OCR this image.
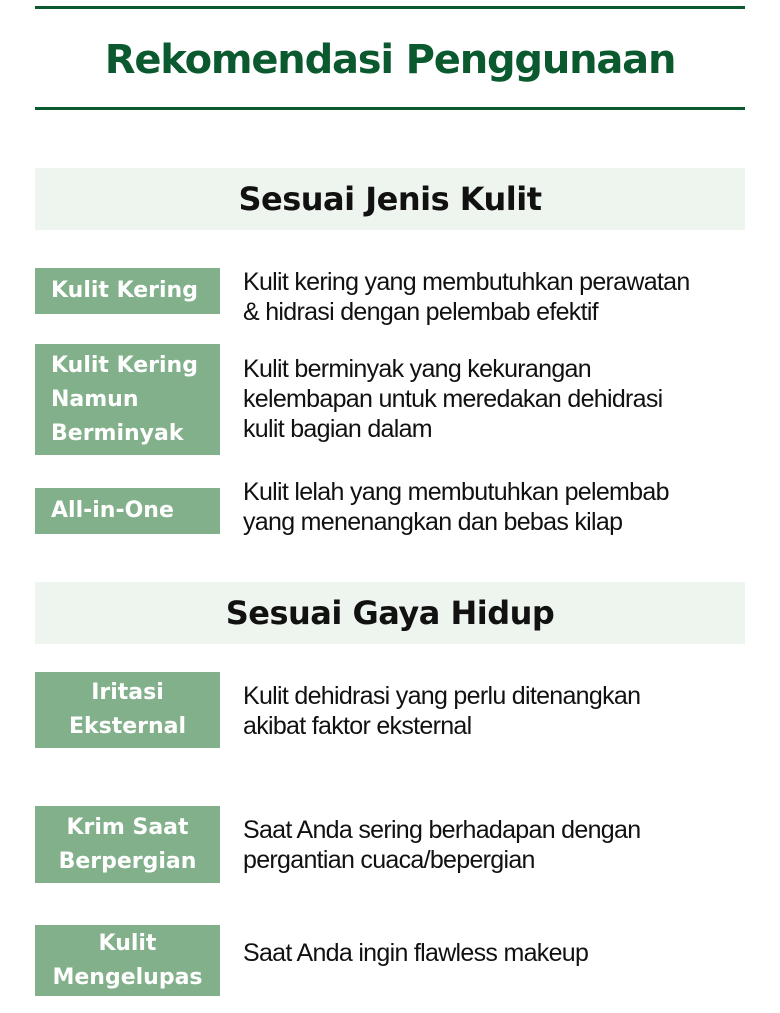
Rekomendasi Penggunaan
Sesuai Jenis Kulit
Kulit Kering Kulit kering yang membutuhkan perawatan
& hidrasi dengan pelembab efektif
Kulit Kering
Namun
Berminyak
Kulit berminyak yang kekurangan
kelembapan untuk meredakan dehidrasi
kulit bagian dalam
All-in-One
Kulit lelah yang membutuhkan pelembab
yang menenangkan dan bebas kilap
Sesuai Gaya Hidup
Iritasi
Eksternal
Kulit dehidrasi yang perlu ditenangkan
akibat faktor eksternal
Krim Saat
Berpergian
Saat Anda sering berhadapan dengan
pergantian cuaca/bepergian
Kulit
Mengelupas
Saat Anda ingin flawless makeup
